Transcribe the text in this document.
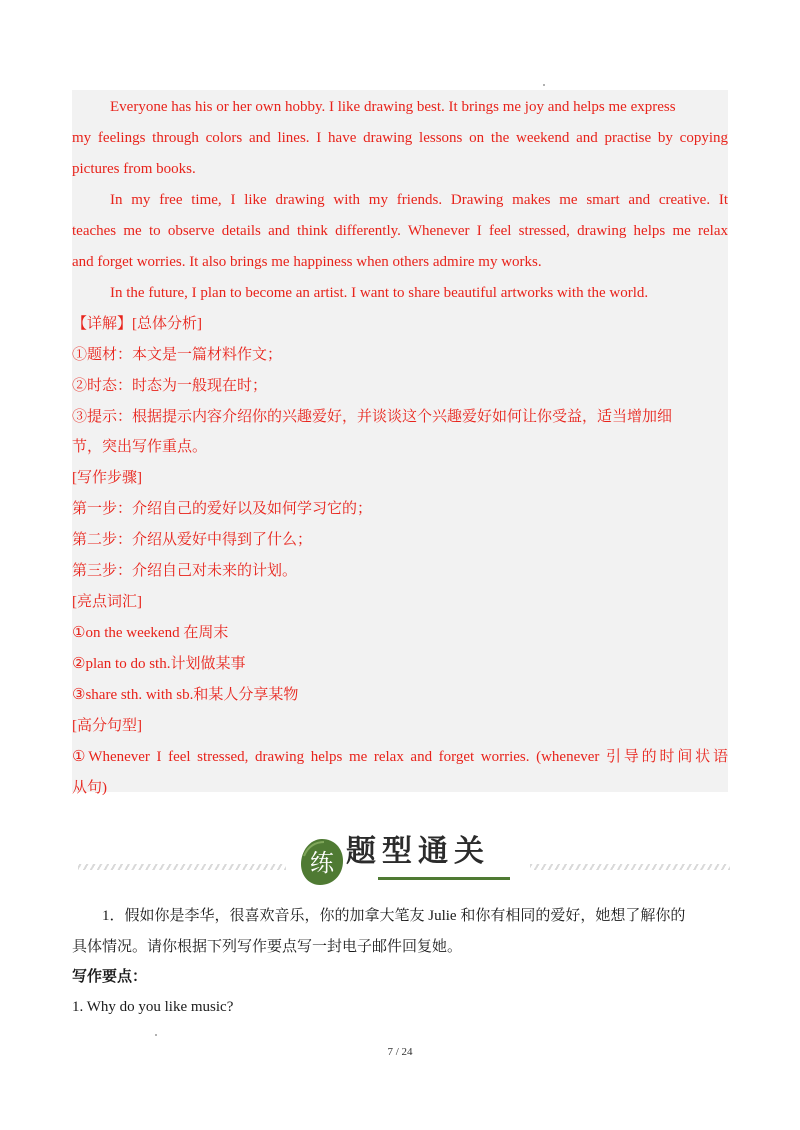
Everyone has his or her own hobby. I like drawing best. It brings me joy and helps me express
my feelings through colors and lines. I have drawing lessons on the weekend and practise by copying
pictures from books.
In my free time, I like drawing with my friends. Drawing makes me smart and creative. It
teaches me to observe details and think differently. Whenever I feel stressed, drawing helps me relax
and forget worries. It also brings me happiness when others admire my works.
In the future, I plan to become an artist. I want to share beautiful artworks with the world.
【详解】[总体分析]
①题材：本文是一篇材料作文；
②时态：时态为一般现在时；
③提示：根据提示内容介绍你的兴趣爱好，并谈谈这个兴趣爱好如何让你受益，适当增加细
节，突出写作重点。
[写作步骤]
第一步：介绍自己的爱好以及如何学习它的；
第二步：介绍从爱好中得到了什么；
第三步：介绍自己对未来的计划。
[亮点词汇]
①on the weekend 在周末
②plan to do sth.计划做某事
③share sth. with sb.和某人分享某物
[高分句型]
①Whenever I feel stressed, drawing helps me relax and forget worries. (whenever 引导的时间状语
从句)
练 题型通关
1．假如你是李华，很喜欢音乐，你的加拿大笔友 Julie 和你有相同的爱好，她想了解你的
具体情况。请你根据下列写作要点写一封电子邮件回复她。
写作要点：
1. Why do you like music?
7 / 24
